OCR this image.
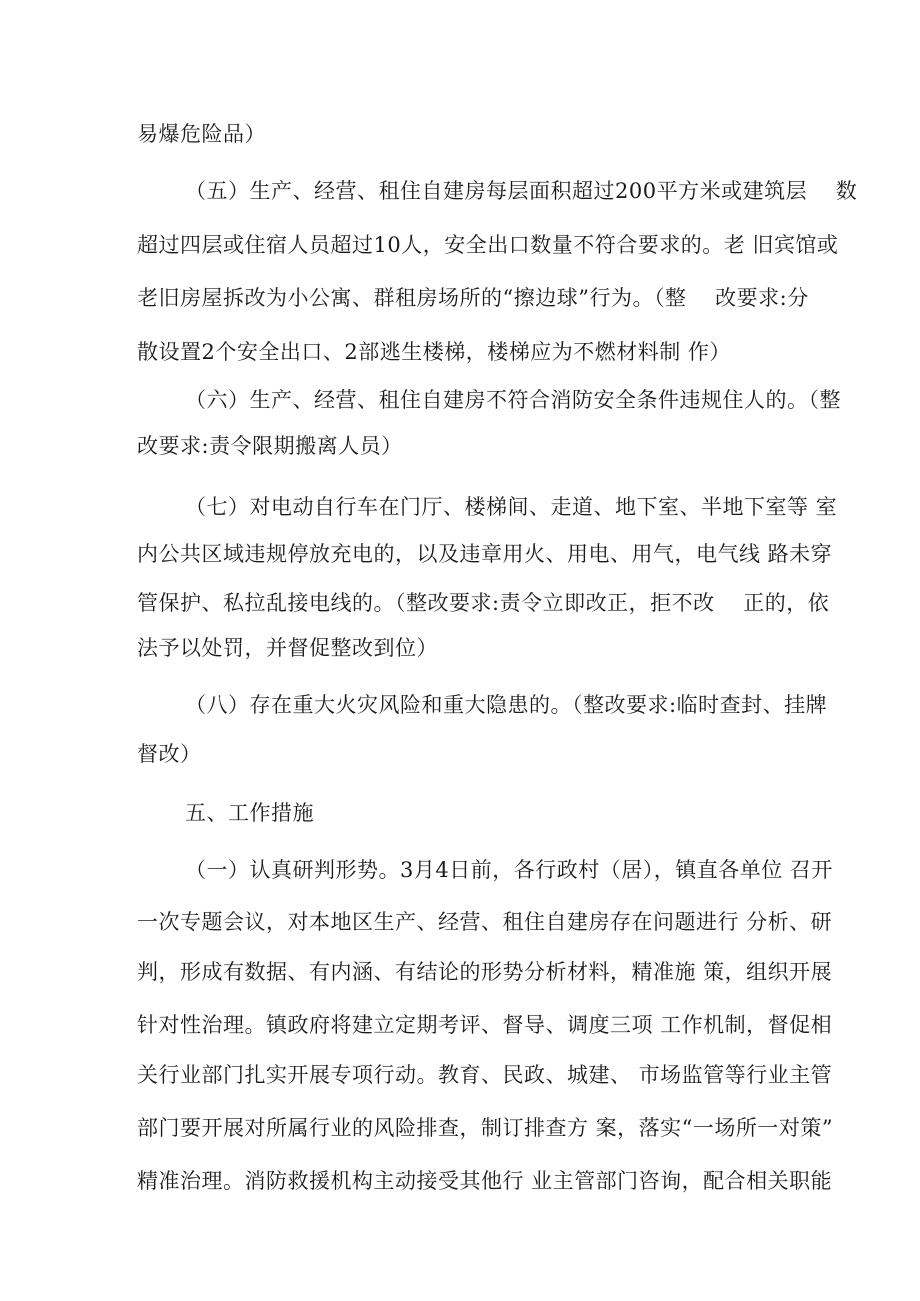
易爆危险品）
（五）生产、经营、租住自建房每层面积超过200平方米或建筑层　 数
超过四层或住宿人员超过10人，安全出口数量不符合要求的。老 旧宾馆或
老旧房屋拆改为小公寓、群租房场所的“擦边球”行为。（整　 改要求:分
散设置2个安全出口、2部逃生楼梯，楼梯应为不燃材料制 作）
（六）生产、经营、租住自建房不符合消防安全条件违规住人的。（整
改要求:责令限期搬离人员）
（七）对电动自行车在门厅、楼梯间、走道、地下室、半地下室等 室
内公共区域违规停放充电的，以及违章用火、用电、用气，电气线 路未穿
管保护、私拉乱接电线的。（整改要求:责令立即改正，拒不改　 正的，依
法予以处罚，并督促整改到位）
（八）存在重大火灾风险和重大隐患的。（整改要求:临时查封、挂牌
督改）
五、工作措施
（一）认真研判形势。3月4日前，各行政村（居），镇直各单位 召开
一次专题会议，对本地区生产、经营、租住自建房存在问题进行 分析、研
判，形成有数据、有内涵、有结论的形势分析材料，精准施 策，组织开展
针对性治理。镇政府将建立定期考评、督导、调度三项 工作机制，督促相
关行业部门扎实开展专项行动。教育、民政、城建、 市场监管等行业主管
部门要开展对所属行业的风险排查，制订排查方 案，落实“一场所一对策”
精准治理。消防救援机构主动接受其他行 业主管部门咨询，配合相关职能
